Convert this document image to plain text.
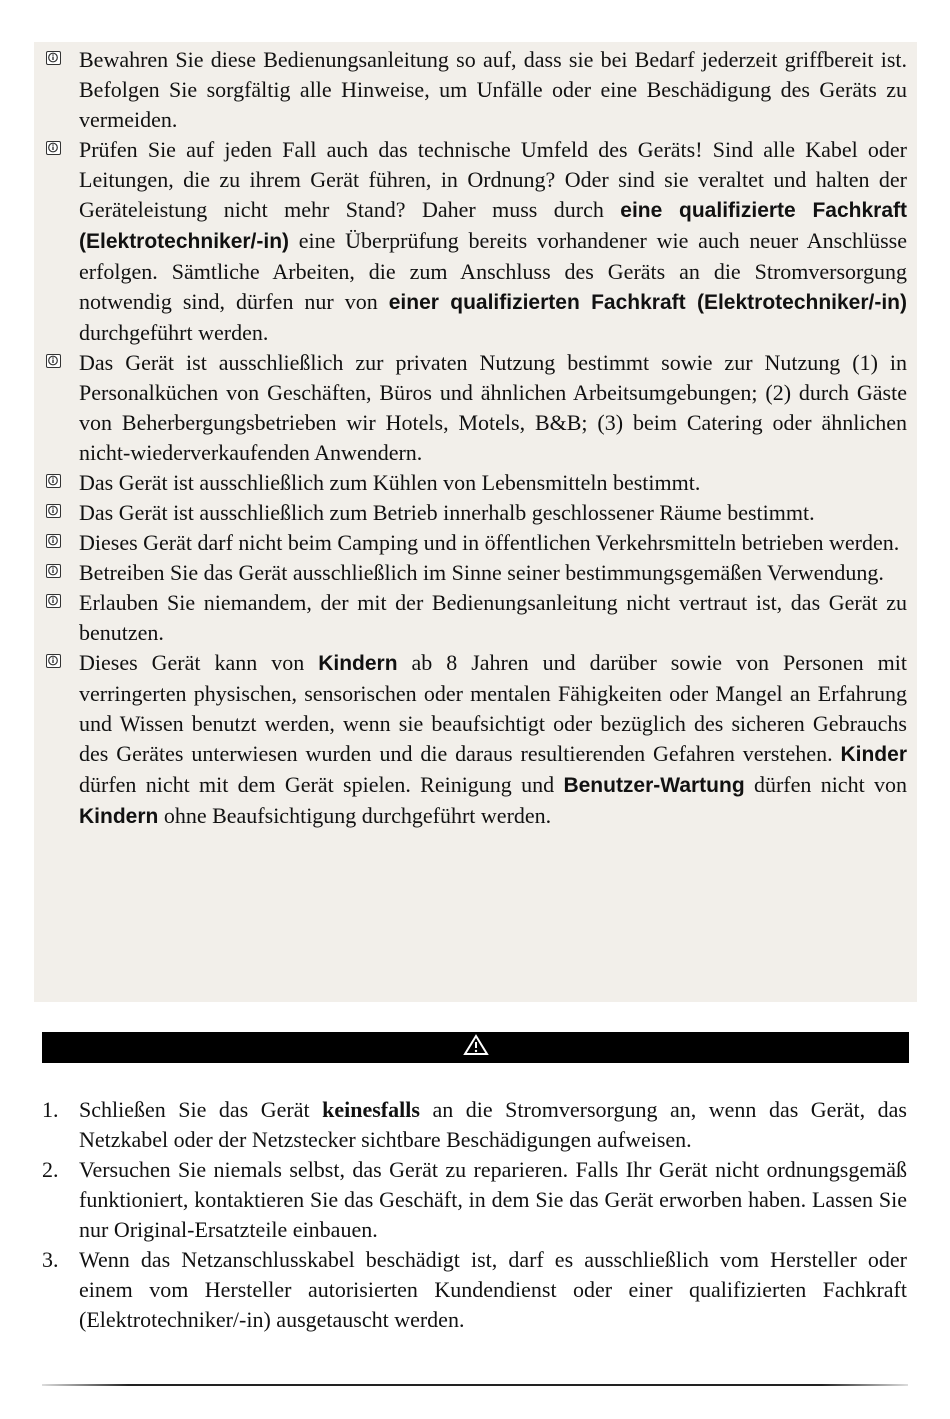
Bewahren Sie diese Bedienungsanleitung so auf, dass sie bei Bedarf jederzeit griffbereit ist. Befolgen Sie sorgfältig alle Hinweise, um Unfälle oder eine Beschädigung des Geräts zu vermeiden.
Prüfen Sie auf jeden Fall auch das technische Umfeld des Geräts! Sind alle Kabel oder Leitungen, die zu ihrem Gerät führen, in Ordnung? Oder sind sie veraltet und halten der Geräteleistung nicht mehr Stand? Daher muss durch eine qualifizierte Fachkraft (Elektrotechniker/-in) eine Überprüfung bereits vorhandener wie auch neuer Anschlüsse erfolgen. Sämtliche Arbeiten, die zum Anschluss des Geräts an die Stromversorgung notwendig sind, dürfen nur von einer qualifizierten Fachkraft (Elektrotechniker/-in) durchgeführt werden.
Das Gerät ist ausschließlich zur privaten Nutzung bestimmt sowie zur Nutzung (1) in Personalküchen von Geschäften, Büros und ähnlichen Arbeitsumgebungen; (2) durch Gäste von Beherbergungsbetrieben wir Hotels, Motels, B&B; (3) beim Catering oder ähnlichen nicht-wiederverkaufenden Anwendern.
Das Gerät ist ausschließlich zum Kühlen von Lebensmitteln bestimmt.
Das Gerät ist ausschließlich zum Betrieb innerhalb geschlossener Räume bestimmt.
Dieses Gerät darf nicht beim Camping und in öffentlichen Verkehrsmitteln betrieben werden.
Betreiben Sie das Gerät ausschließlich im Sinne seiner bestimmungsgemäßen Verwendung.
Erlauben Sie niemandem, der mit der Bedienungsanleitung nicht vertraut ist, das Gerät zu benutzen.
Dieses Gerät kann von Kindern ab 8 Jahren und darüber sowie von Personen mit verringerten physischen, sensorischen oder mentalen Fähigkeiten oder Mangel an Erfahrung und Wissen benutzt werden, wenn sie beaufsichtigt oder bezüglich des sicheren Gebrauchs des Gerätes unterwiesen wurden und die daraus resultierenden Gefahren verstehen. Kinder dürfen nicht mit dem Gerät spielen. Reinigung und Benutzer-Wartung dürfen nicht von Kindern ohne Beaufsichtigung durchgeführt werden.
1. Schließen Sie das Gerät keinesfalls an die Stromversorgung an, wenn das Gerät, das Netzkabel oder der Netzstecker sichtbare Beschädigungen aufweisen.
2. Versuchen Sie niemals selbst, das Gerät zu reparieren. Falls Ihr Gerät nicht ordnungsgemäß funktioniert, kontaktieren Sie das Geschäft, in dem Sie das Gerät erworben haben. Lassen Sie nur Original-Ersatzteile einbauen.
3. Wenn das Netzanschlusskabel beschädigt ist, darf es ausschließlich vom Hersteller oder einem vom Hersteller autorisierten Kundendienst oder einer qualifizierten Fachkraft (Elektrotechniker/-in) ausgetauscht werden.
